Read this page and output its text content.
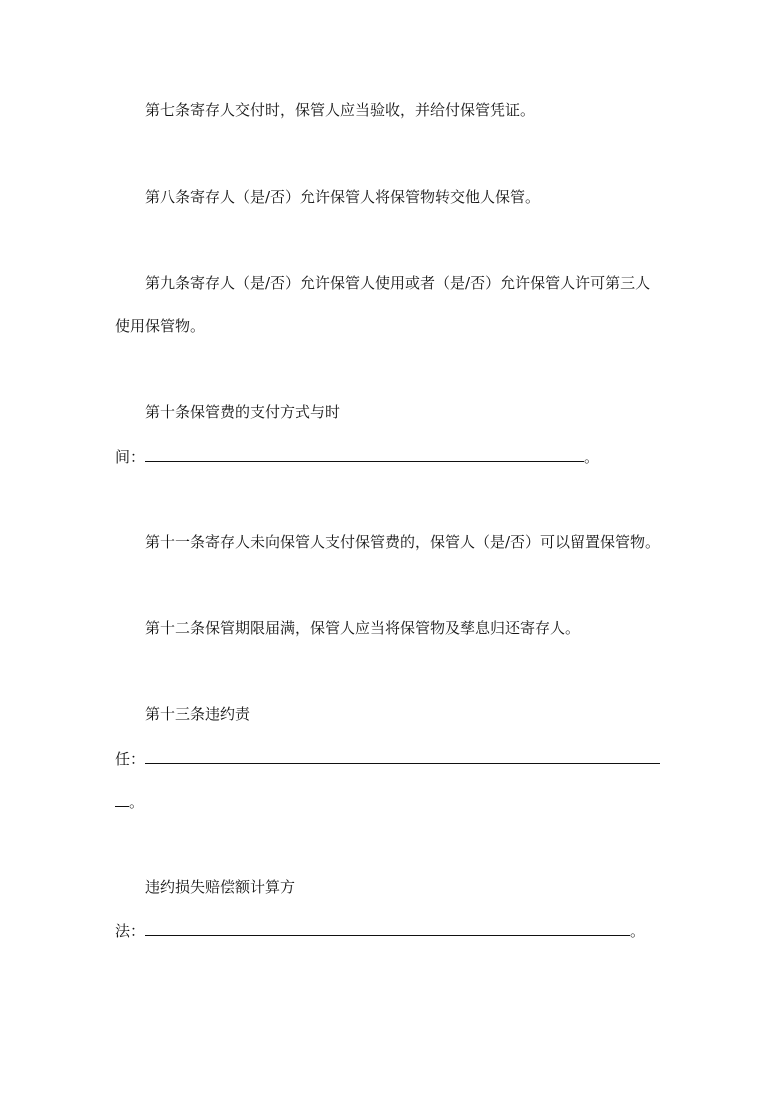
第七条寄存人交付时，保管人应当验收，并给付保管凭证。
第八条寄存人（是/否）允许保管人将保管物转交他人保管。
第九条寄存人（是/否）允许保管人使用或者（是/否）允许保管人许可第三人
使用保管物。
第十条保管费的支付方式与时
间：	。
第十一条寄存人未向保管人支付保管费的，保管人（是/否）可以留置保管物。
第十二条保管期限届满，保管人应当将保管物及孳息归还寄存人。
第十三条违约责
任：
。
违约损失赔偿额计算方
法：	。
